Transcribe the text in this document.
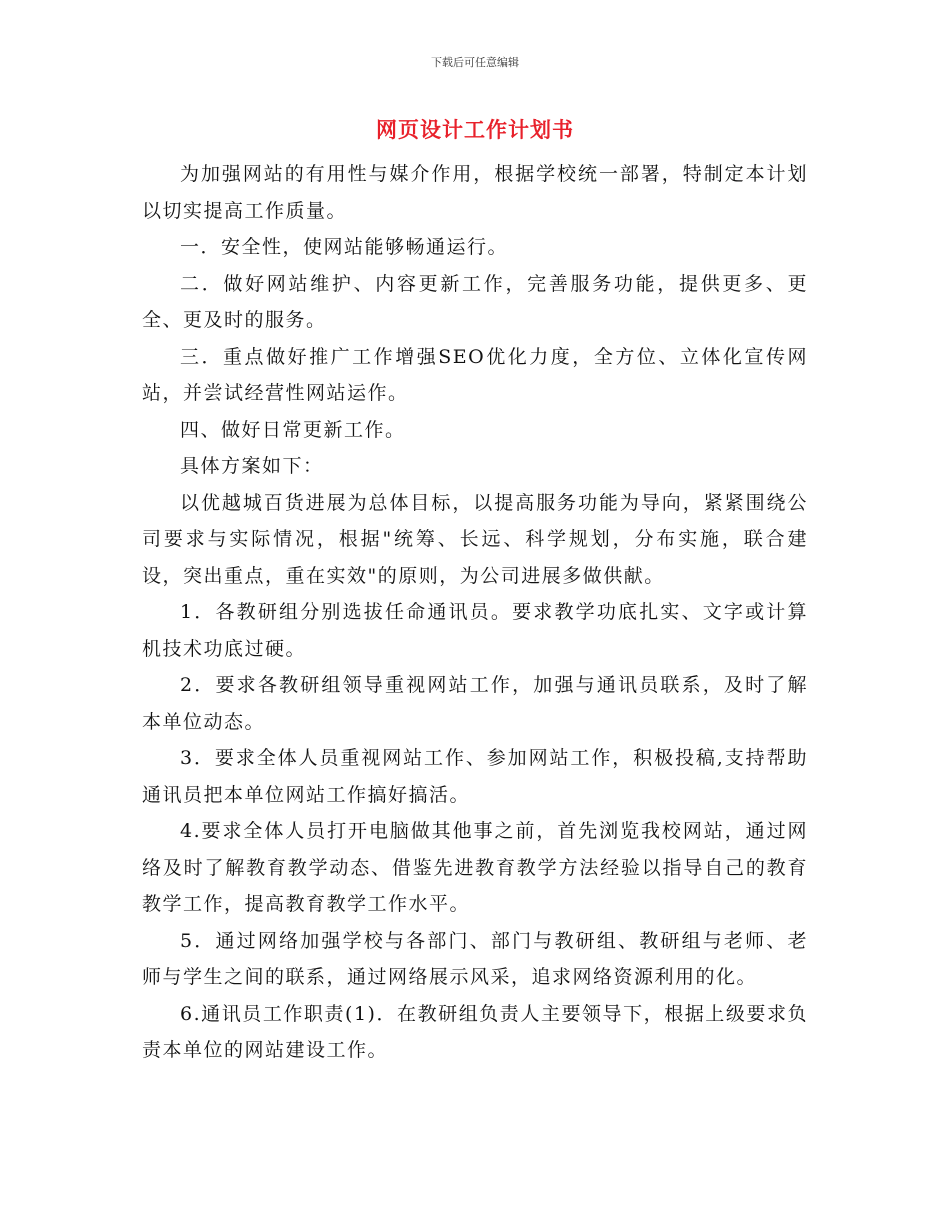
下载后可任意编辑
网页设计工作计划书

为加强网站的有用性与媒介作用，根据学校统一部署，特制定本计划以切实提高工作质量。

一．安全性，使网站能够畅通运行。

二．做好网站维护、内容更新工作，完善服务功能，提供更多、更全、更及时的服务。

三．重点做好推广工作增强SEO优化力度，全方位、立体化宣传网站，并尝试经营性网站运作。

四、做好日常更新工作。

具体方案如下：

以优越城百货进展为总体目标，以提高服务功能为导向，紧紧围绕公司要求与实际情况，根据"统筹、长远、科学规划，分布实施，联合建设，突出重点，重在实效"的原则，为公司进展多做供献。

1．各教研组分别选拔任命通讯员。要求教学功底扎实、文字或计算机技术功底过硬。

2．要求各教研组领导重视网站工作，加强与通讯员联系，及时了解本单位动态。

3．要求全体人员重视网站工作、参加网站工作，积极投稿,支持帮助通讯员把本单位网站工作搞好搞活。

4.要求全体人员打开电脑做其他事之前，首先浏览我校网站，通过网络及时了解教育教学动态、借鉴先进教育教学方法经验以指导自己的教育教学工作，提高教育教学工作水平。

5．通过网络加强学校与各部门、部门与教研组、教研组与老师、老师与学生之间的联系，通过网络展示风采，追求网络资源利用的化。

6.通讯员工作职责(1)．在教研组负责人主要领导下，根据上级要求负责本单位的网站建设工作。
